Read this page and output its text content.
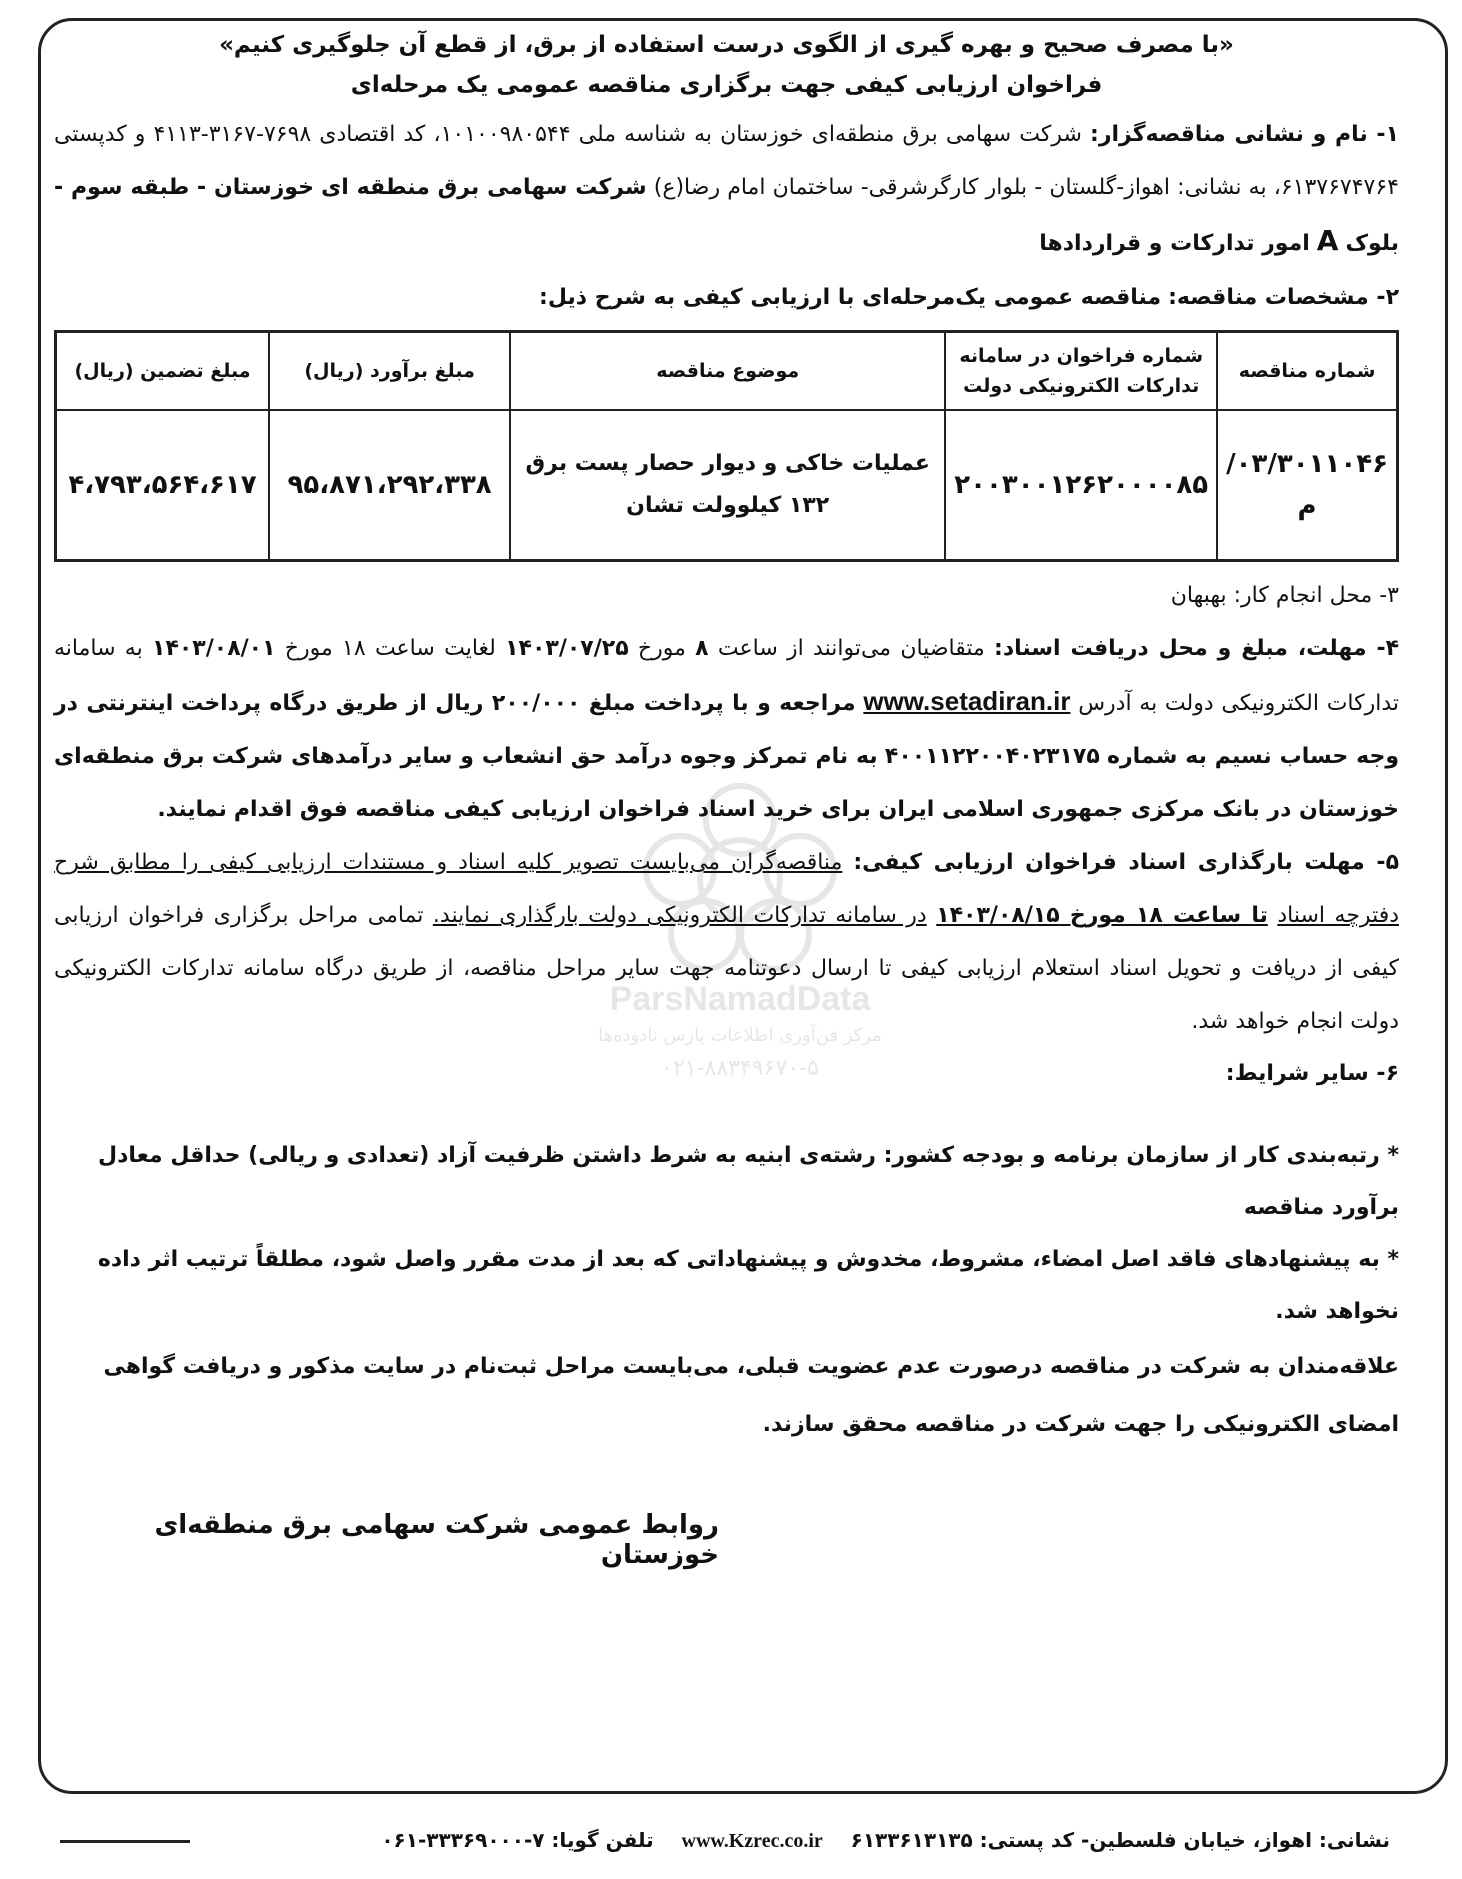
ParsNamadData
مرکز فن‌آوری اطلاعات پارس نادوده‌ها
۰۲۱-۸۸۳۴۹۶۷۰-۵
«با مصرف صحیح و بهره گیری از الگوی درست استفاده از برق، از قطع آن جلوگیری کنیم»
فراخوان ارزیابی کیفی جهت برگزاری مناقصه عمومی یک مرحله‌ای
۱- نام و نشانی مناقصه‌گزار: شرکت سهامی برق منطقه‌ای خوزستان به شناسه ملی ۱۰۱۰۰۹۸۰۵۴۴، کد اقتصادی ۷۶۹۸-۳۱۶۷-۴۱۱۳ و کدپستی ۶۱۳۷۶۷۴۷۶۴، به نشانی: اهواز-گلستان - بلوار کارگرشرقی- ساختمان امام رضا(ع) شرکت سهامی برق منطقه ای خوزستان - طبقه سوم - بلوک A امور تدارکات و قراردادها
۲- مشخصات مناقصه: مناقصه عمومی یک‌مرحله‌ای با ارزیابی کیفی به شرح ذیل:
شماره مناقصه	شماره فراخوان در سامانه تدارکات الکترونیکی دولت	موضوع مناقصه	مبلغ برآورد (ریال)	مبلغ تضمین (ریال)
۰۳/۳۰۱۱۰۴۶/م	۲۰۰۳۰۰۱۲۶۲۰۰۰۰۸۵	عملیات خاکی و دیوار حصار پست برق ۱۳۲ کیلوولت تشان	۹۵،۸۷۱،۲۹۲،۳۳۸	۴،۷۹۳،۵۶۴،۶۱۷
۳- محل انجام کار: بهبهان
۴- مهلت، مبلغ و محل دریافت اسناد: متقاضیان می‌توانند از ساعت ۸ مورخ ۱۴۰۳/۰۷/۲۵ لغایت ساعت ۱۸ مورخ ۱۴۰۳/۰۸/۰۱ به سامانه تدارکات الکترونیکی دولت به آدرس www.setadiran.ir مراجعه و با پرداخت مبلغ ۲۰۰/۰۰۰ ریال از طریق درگاه پرداخت اینترنتی در وجه حساب نسیم به شماره ۴۰۰۱۱۲۲۰۰۴۰۲۳۱۷۵ به نام تمرکز وجوه درآمد حق انشعاب و سایر درآمدهای شرکت برق منطقه‌ای خوزستان در بانک مرکزی جمهوری اسلامی ایران برای خرید اسناد فراخوان ارزیابی کیفی مناقصه فوق اقدام نمایند.
۵- مهلت بارگذاری اسناد فراخوان ارزیابی کیفی: مناقصه‌گران می‌بایست تصویر کلیه اسناد و مستندات ارزیابی کیفی را مطابق شرح دفترچه اسناد تا ساعت ۱۸ مورخ ۱۴۰۳/۰۸/۱۵ در سامانه تدارکات الکترونیکی دولت بارگذاری نمایند. تمامی مراحل برگزاری فراخوان ارزیابی کیفی از دریافت و تحویل اسناد استعلام ارزیابی کیفی تا ارسال دعوتنامه جهت سایر مراحل مناقصه، از طریق درگاه سامانه تدارکات الکترونیکی دولت انجام خواهد شد.
۶- سایر شرایط:
* رتبه‌بندی کار از سازمان برنامه و بودجه کشور: رشته‌ی ابنیه به شرط داشتن ظرفیت آزاد (تعدادی و ریالی) حداقل معادل برآورد مناقصه
* به پیشنهادهای فاقد اصل امضاء، مشروط، مخدوش و پیشنهاداتی که بعد از مدت مقرر واصل شود، مطلقاً ترتیب اثر داده نخواهد شد.
علاقه‌مندان به شرکت در مناقصه درصورت عدم عضویت قبلی، می‌بایست مراحل ثبت‌نام در سایت مذکور و دریافت گواهی
امضای الکترونیکی را جهت شرکت در مناقصه محقق سازند.
روابط عمومی شرکت سهامی برق منطقه‌ای خوزستان
نشانی: اهواز، خیابان فلسطین- کد پستی: ۶۱۳۳۶۱۳۱۳۵    www.Kzrec.co.ir    تلفن گویا: ۷-۳۳۳۶۹۰۰۰-۰۶۱
